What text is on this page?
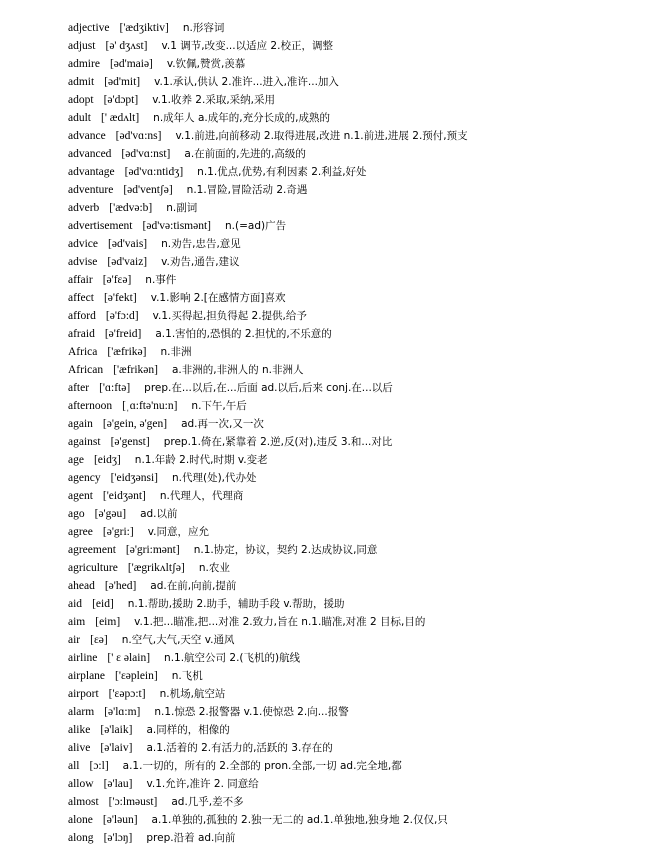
adjective ['ædʒiktiv] n.形容词
adjust [ə' dʒʌst] v.1 调节,改变...以适应 2.校正，调整
admire [əd'maiə] v.钦佩,赞赏,羡慕
admit [əd'mit] v.1.承认,供认 2.准许...进入,准许...加入
adopt [ə'dɔpt] v.1.收养 2.采取,采纳,采用
adult [' ædʌlt] n.成年人 a.成年的,充分长成的,成熟的
advance [əd'vɑ:ns] v.1.前进,向前移动 2.取得进展,改进 n.1.前进,进展 2.预付,预支
advanced [əd'vɑ:nst] a.在前面的,先进的,高级的
advantage [əd'vɑ:ntidʒ] n.1.优点,优势,有利因素 2.利益,好处
adventure [əd'ventʃə] n.1.冒险,冒险活动 2.奇遇
adverb ['ædvə:b] n.副词
advertisement [əd'və:tismənt] n.(=ad)广告
advice [əd'vais] n.劝告,忠告,意见
advise [əd'vaiz] v.劝告,通告,建议
affair [ə'fεə] n.事件
affect [ə'fekt] v.1.影响 2.[在感情方面]喜欢
afford [ə'fɔ:d] v.1.买得起,担负得起 2.提供,给予
afraid [ə'freid] a.1.害怕的,恐惧的 2.担忧的,不乐意的
Africa ['æfrikə] n.非洲
African ['æfrikən] a.非洲的,非洲人的 n.非洲人
after ['ɑ:ftə] prep.在...以后,在...后面 ad.以后,后来 conj.在...以后
afternoon [ˌɑ:ftə'nu:n] n.下午,午后
again [ə'gein, ə'gen] ad.再一次,又一次
against [ə'genst] prep.1.倚在,紧靠着 2.逆,反(对),违反 3.和...对比
age [eidʒ] n.1.年龄 2.时代,时期 v.变老
agency ['eidʒənsi] n.代理(处),代办处
agent ['eidʒənt] n.代理人，代理商
ago [ə'gəu] ad.以前
agree [ə'gri:] v.同意，应允
agreement [ə'gri:mənt] n.1.协定，协议，契约 2.达成协议,同意
agriculture ['ægrikʌltʃə] n.农业
ahead [ə'hed] ad.在前,向前,提前
aid [eid] n.1.帮助,援助 2.助手，辅助手段 v.帮助，援助
aim [eim] v.1.把...瞄准,把...对准 2.致力,旨在 n.1.瞄准,对准 2 目标,目的
air [εə] n.空气,大气,天空 v.通风
airline [' ε əlain] n.1.航空公司 2.(飞机的)航线
airplane ['εəplein] n.飞机
airport ['εəpɔ:t] n.机场,航空站
alarm [ə'lɑ:m] n.1.惊恐 2.报警器 v.1.使惊恐 2.向...报警
alike [ə'laik] a.同样的，相像的
alive [ə'laiv] a.1.活着的 2.有活力的,活跃的 3.存在的
all [ɔ:l] a.1.一切的，所有的 2.全部的 pron.全部,一切 ad.完全地,都
allow [ə'lau] v.1.允许,准许 2. 同意给
almost ['ɔ:lməust] ad.几乎,差不多
alone [ə'ləun] a.1.单独的,孤独的 2.独一无二的 ad.1.单独地,独身地 2.仅仅,只
along [ə'lɔŋ] prep.沿着 ad.向前
